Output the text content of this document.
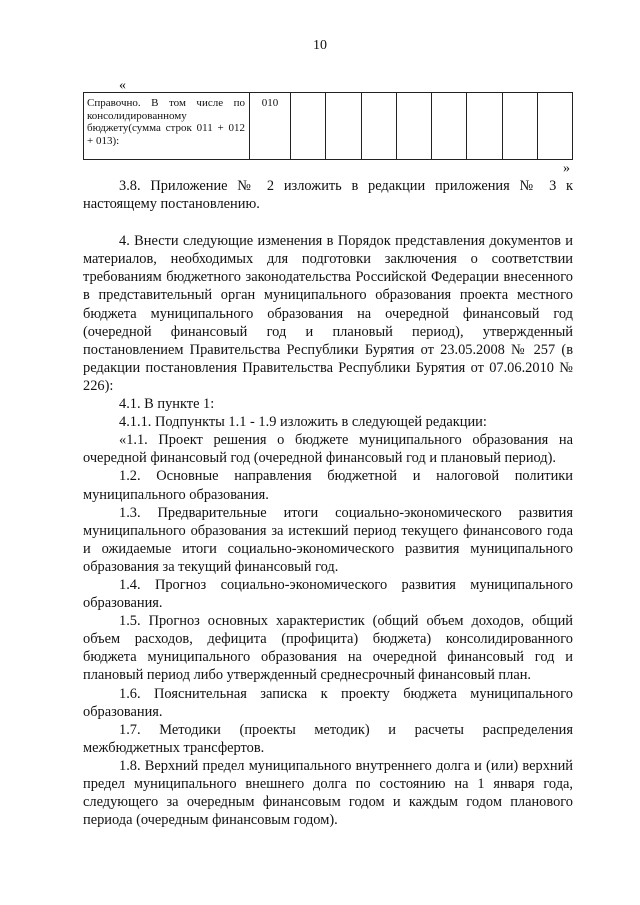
10
«
Справочно. В том числе по консолидированному бюджету(сумма строк 011 + 012 + 013):	010								
»

3.8. Приложение № 2 изложить в редакции приложения № 3 к настоящему постановлению.

4. Внести следующие изменения в Порядок представления документов и материалов, необходимых для подготовки заключения о соответствии требованиям бюджетного законодательства Российской Федерации внесенного в представительный орган муниципального образования проекта местного бюджета муниципального образования на очередной финансовый год (очередной финансовый год и плановый период), утвержденный постановлением Правительства Республики Бурятия от 23.05.2008 № 257 (в редакции постановления Правительства Республики Бурятия от 07.06.2010 № 226):

4.1. В пункте 1:

4.1.1. Подпункты 1.1 - 1.9 изложить в следующей редакции:

«1.1. Проект решения о бюджете муниципального образования на очередной финансовый год (очередной финансовый год и плановый период).

1.2. Основные направления бюджетной и налоговой политики муниципального образования.

1.3. Предварительные итоги социально-экономического развития муниципального образования за истекший период текущего финансового года и ожидаемые итоги социально-экономического развития муниципального образования за текущий финансовый год.

1.4. Прогноз социально-экономического развития муниципального образования.

1.5. Прогноз основных характеристик (общий объем доходов, общий объем расходов, дефицита (профицита) бюджета) консолидированного бюджета муниципального образования на очередной финансовый год и плановый период либо утвержденный среднесрочный финансовый план.

1.6. Пояснительная записка к проекту бюджета муниципального образования.

1.7. Методики (проекты методик) и расчеты распределения межбюджетных трансфертов.

1.8. Верхний предел муниципального внутреннего долга и (или) верхний предел муниципального внешнего долга по состоянию на 1 января года, следующего за очередным финансовым годом и каждым годом планового периода (очередным финансовым годом).
